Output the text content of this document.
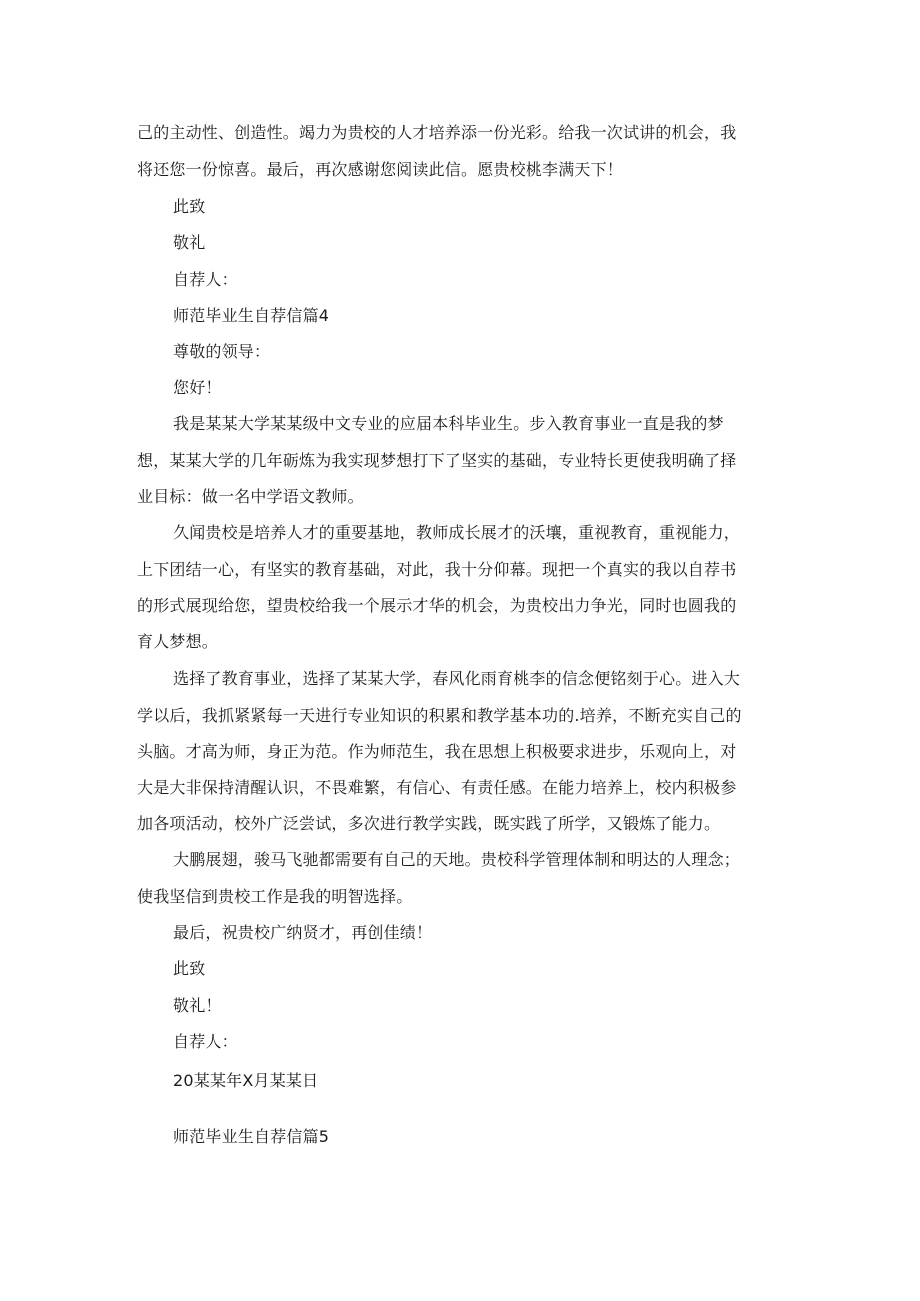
己的主动性、创造性。竭力为贵校的人才培养添一份光彩。给我一次试讲的机会，我
将还您一份惊喜。最后，再次感谢您阅读此信。愿贵校桃李满天下！
此致
敬礼
自荐人：
师范毕业生自荐信篇4
尊敬的领导：
您好！
我是某某大学某某级中文专业的应届本科毕业生。步入教育事业一直是我的梦
想，某某大学的几年砺炼为我实现梦想打下了坚实的基础，专业特长更使我明确了择
业目标：做一名中学语文教师。
久闻贵校是培养人才的重要基地，教师成长展才的沃壤，重视教育，重视能力，
上下团结一心，有坚实的教育基础，对此，我十分仰幕。现把一个真实的我以自荐书
的形式展现给您，望贵校给我一个展示才华的机会，为贵校出力争光，同时也圆我的
育人梦想。
选择了教育事业，选择了某某大学，春风化雨育桃李的信念便铭刻于心。进入大
学以后，我抓紧紧每一天进行专业知识的积累和教学基本功的.培养，不断充实自己的
头脑。才高为师，身正为范。作为师范生，我在思想上积极要求进步，乐观向上，对
大是大非保持清醒认识，不畏难繁，有信心、有责任感。在能力培养上，校内积极参
加各项活动，校外广泛尝试，多次进行教学实践，既实践了所学，又锻炼了能力。
大鹏展翅，骏马飞驰都需要有自己的天地。贵校科学管理体制和明达的人理念；
使我坚信到贵校工作是我的明智选择。
最后，祝贵校广纳贤才，再创佳绩！
此致
敬礼！
自荐人：
20某某年X月某某日
师范毕业生自荐信篇5
